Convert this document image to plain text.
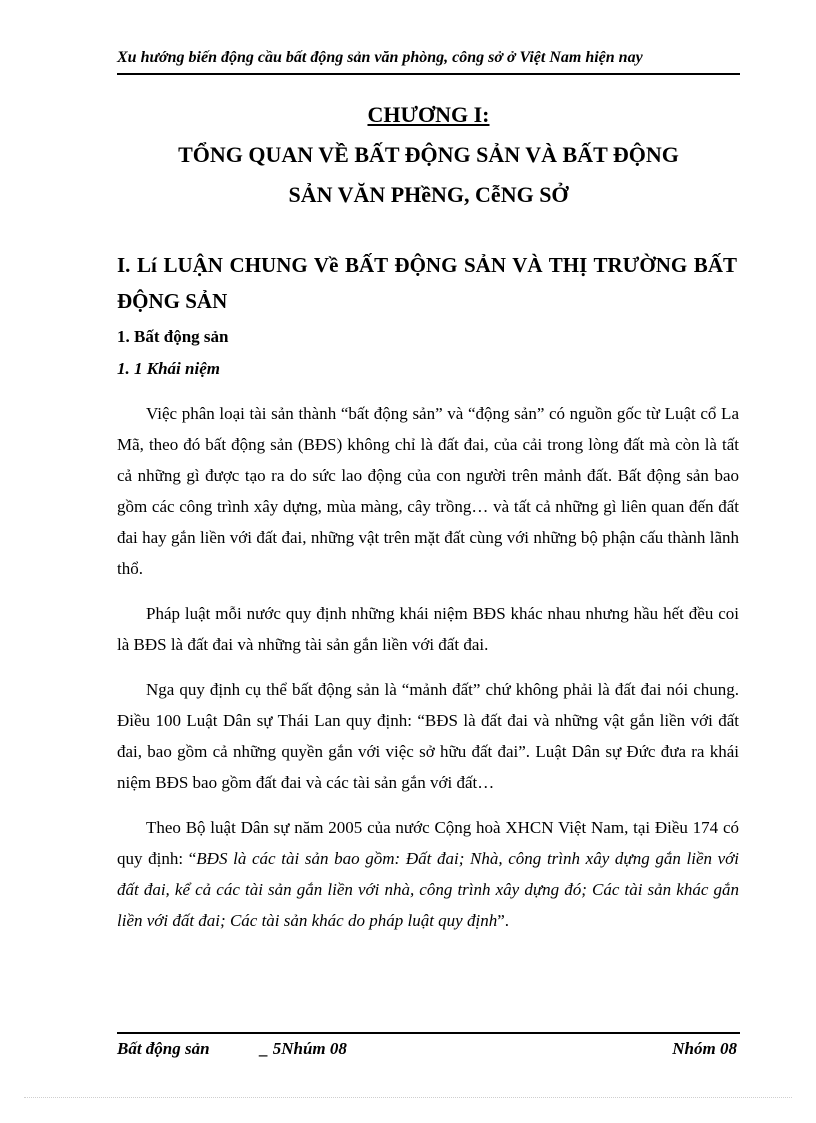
Xu hướng biến động cầu bất động sản văn phòng, công sở ở Việt Nam hiện nay
CHƯƠNG I:
TỔNG QUAN VỀ BẤT ĐỘNG SẢN VÀ BẤT ĐỘNG
SẢN VĂN PHềNG, CễNG SỞ
I. Lí LUẬN CHUNG Về BẤT ĐỘNG SẢN VÀ THỊ TRƯỜNG BẤT ĐỘNG SẢN
1. Bất động sản
1. 1 Khái niệm

Việc phân loại tài sản thành “bất động sản” và “động sản” có nguồn gốc từ Luật cổ La Mã, theo đó bất động sản (BĐS) không chỉ là đất đai, của cải trong lòng đất mà còn là tất cả những gì được tạo ra do sức lao động của con người trên mảnh đất. Bất động sản bao gồm các công trình xây dựng, mùa màng, cây trồng… và tất cả những gì liên quan đến đất đai hay gắn liền với đất đai, những vật trên mặt đất cùng với những bộ phận cấu thành lãnh thổ.

Pháp luật mỗi nước quy định những khái niệm BĐS khác nhau nhưng hầu hết đều coi là BĐS là đất đai và những tài sản gắn liền với đất đai.

Nga quy định cụ thể bất động sản là “mảnh đất” chứ không phải là đất đai nói chung. Điều 100 Luật Dân sự Thái Lan quy định: “BĐS là đất đai và những vật gắn liền với đất đai, bao gồm cả những quyền gắn với việc sở hữu đất đai”. Luật Dân sự Đức đưa ra khái niệm BĐS bao gồm đất đai và các tài sản gắn với đất…

Theo Bộ luật Dân sự năm 2005 của nước Cộng hoà XHCN Việt Nam, tại Điều 174 có quy định: “BĐS là các tài sản bao gồm: Đất đai; Nhà, công trình xây dựng gắn liền với đất đai, kể cả các tài sản gắn liền với nhà, công trình xây dựng đó; Các tài sản khác gắn liền với đất đai; Các tài sản khác do pháp luật quy định”.

Bất động sản	_ 5Nhúm 08	Nhóm 08
